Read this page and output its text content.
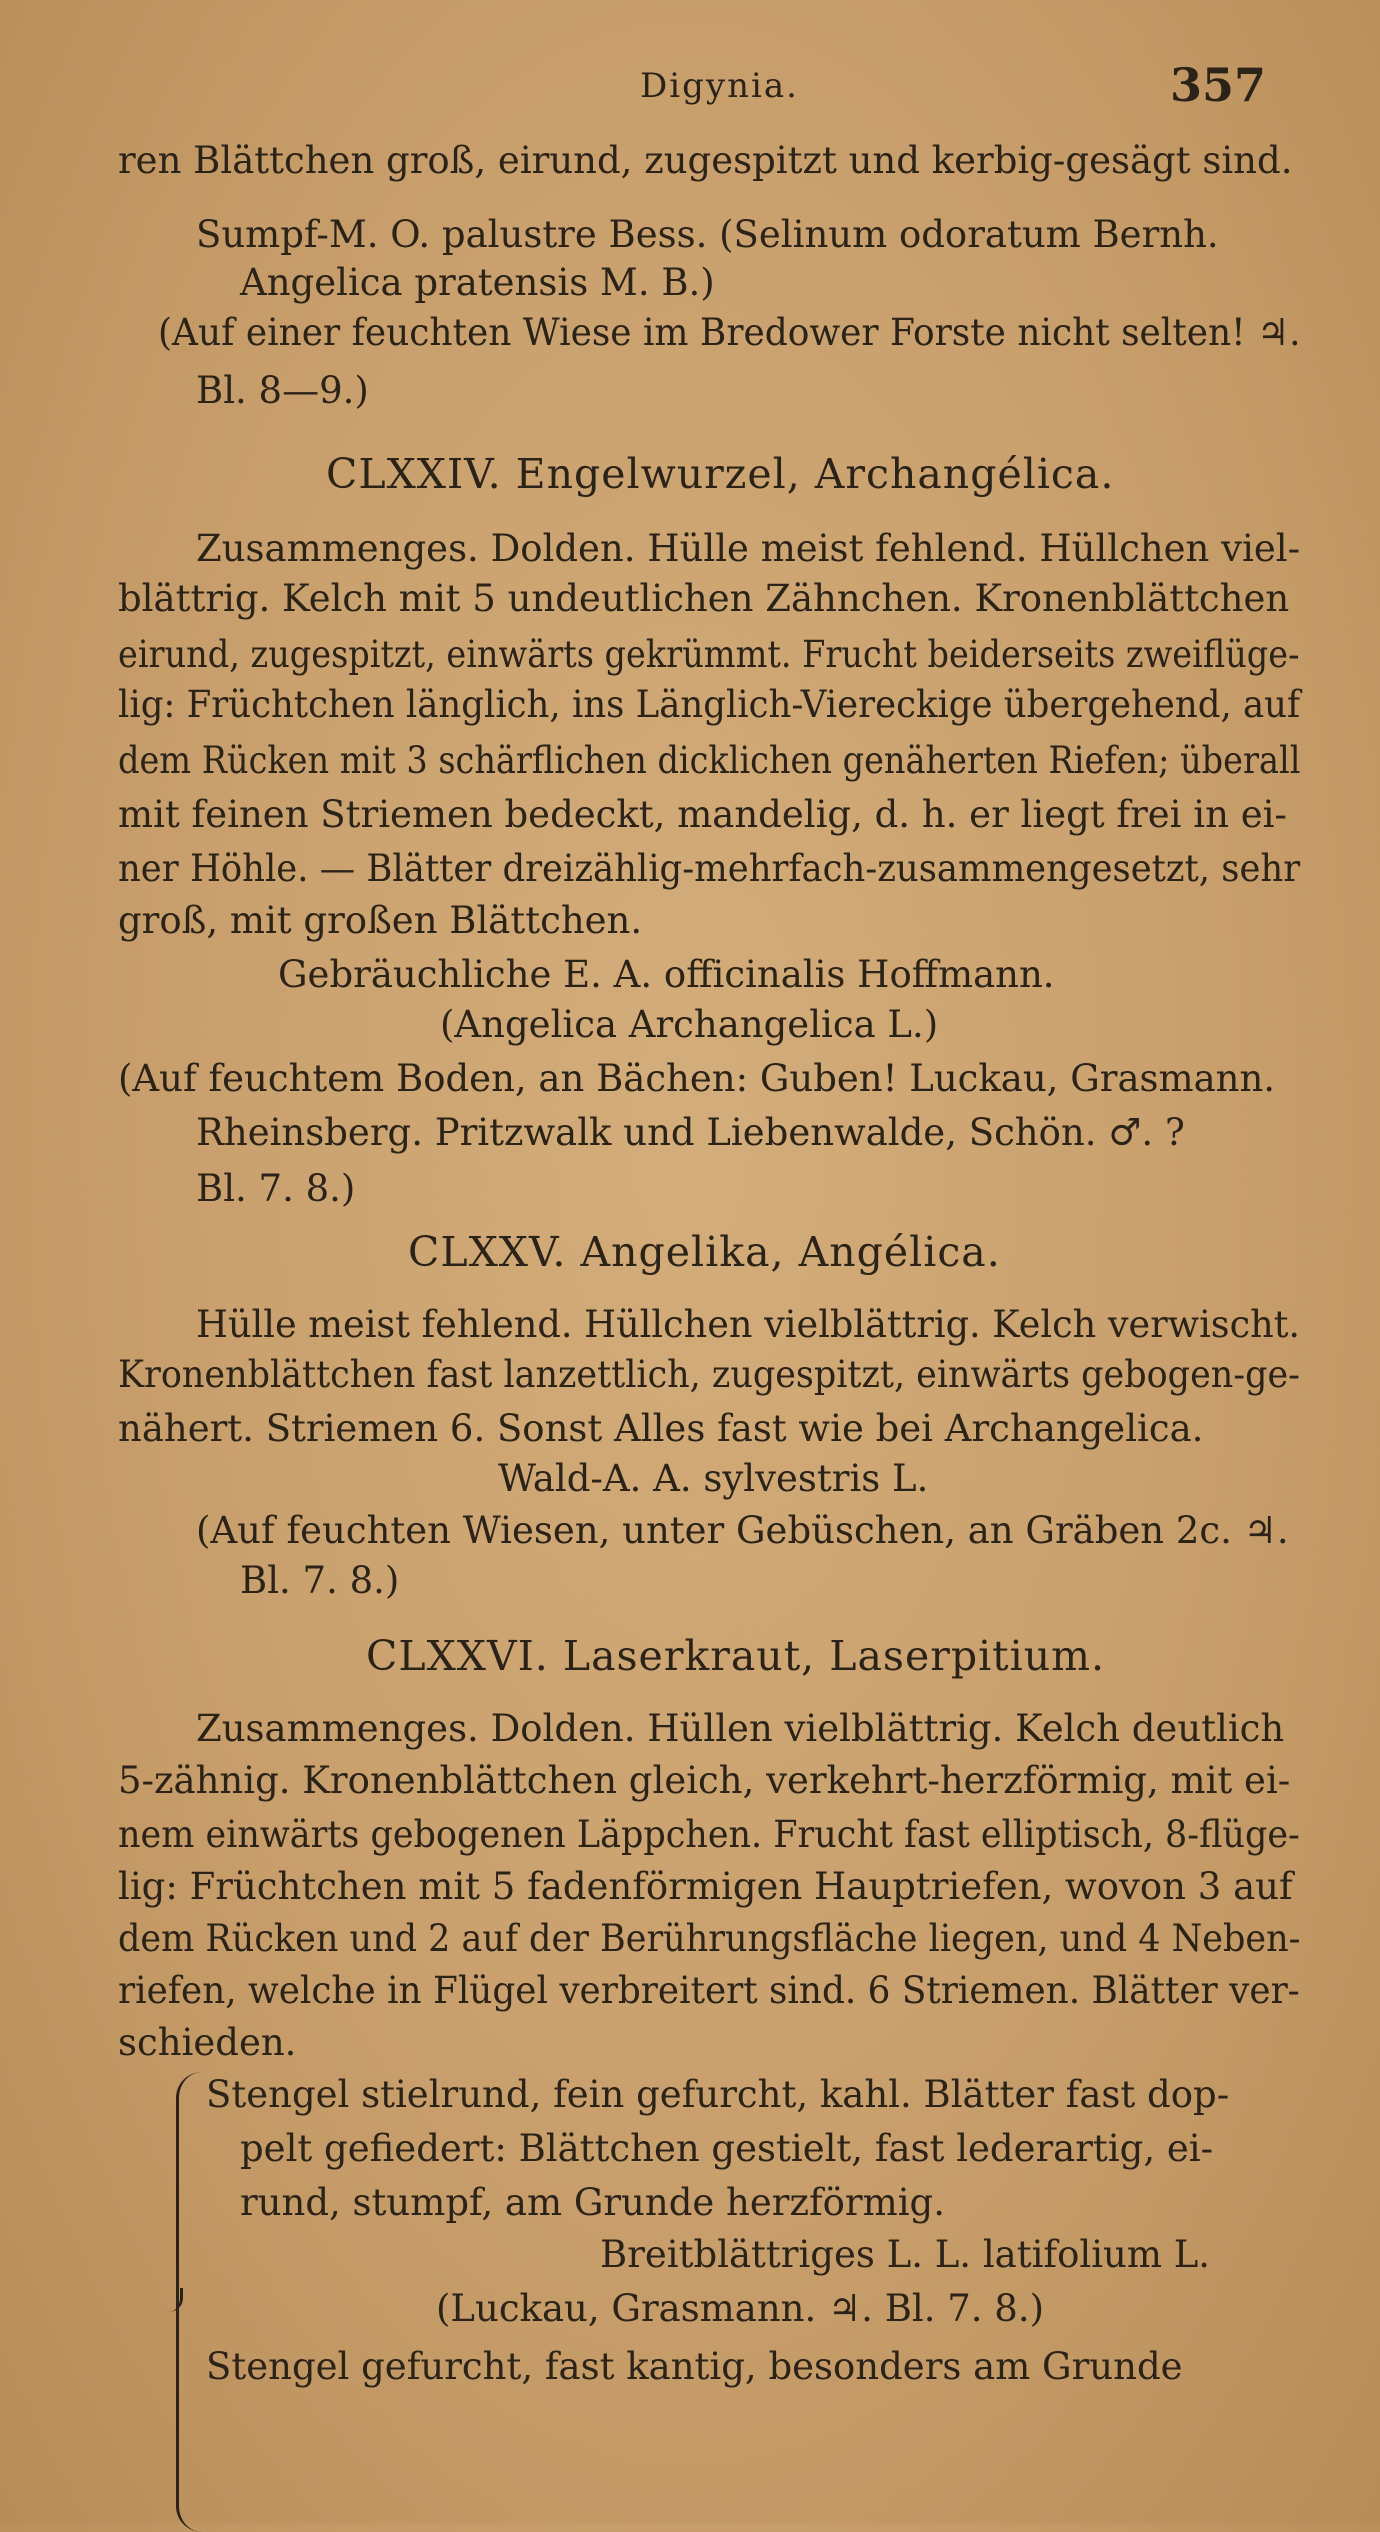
Digynia.	357
ren Blättchen groß, eirund, zugespitzt und kerbig-gesägt sind.
Sumpf-M. O. palustre Bess. (Selinum odoratum Bernh.
Angelica pratensis M. B.)
(Auf einer feuchten Wiese im Bredower Forste nicht selten! ♃.
Bl. 8—9.)
CLXXIV. Engelwurzel, Archangélica.
Zusammenges. Dolden. Hülle meist fehlend. Hüllchen viel-
blättrig. Kelch mit 5 undeutlichen Zähnchen. Kronenblättchen
eirund, zugespitzt, einwärts gekrümmt. Frucht beiderseits zweiflüge-
lig: Früchtchen länglich, ins Länglich-Viereckige übergehend, auf
dem Rücken mit 3 schärflichen dicklichen genäherten Riefen; überall
mit feinen Striemen bedeckt, mandelig, d. h. er liegt frei in ei-
ner Höhle. — Blätter dreizählig-mehrfach-zusammengesetzt, sehr
groß, mit großen Blättchen.
Gebräuchliche E. A. officinalis Hoffmann.
(Angelica Archangelica L.)
(Auf feuchtem Boden, an Bächen: Guben! Luckau, Grasmann.
Rheinsberg. Pritzwalk und Liebenwalde, Schön. ♂. ?
Bl. 7. 8.)
CLXXV. Angelika, Angélica.
Hülle meist fehlend. Hüllchen vielblättrig. Kelch verwischt.
Kronenblättchen fast lanzettlich, zugespitzt, einwärts gebogen-ge-
nähert. Striemen 6. Sonst Alles fast wie bei Archangelica.
Wald-A. A. sylvestris L.
(Auf feuchten Wiesen, unter Gebüschen, an Gräben 2c. ♃.
Bl. 7. 8.)
CLXXVI. Laserkraut, Laserpitium.
Zusammenges. Dolden. Hüllen vielblättrig. Kelch deutlich
5-zähnig. Kronenblättchen gleich, verkehrt-herzförmig, mit ei-
nem einwärts gebogenen Läppchen. Frucht fast elliptisch, 8-flüge-
lig: Früchtchen mit 5 fadenförmigen Hauptriefen, wovon 3 auf
dem Rücken und 2 auf der Berührungsfläche liegen, und 4 Neben-
riefen, welche in Flügel verbreitert sind. 6 Striemen. Blätter ver-
schieden.
Stengel stielrund, fein gefurcht, kahl. Blätter fast dop-
pelt gefiedert: Blättchen gestielt, fast lederartig, ei-
rund, stumpf, am Grunde herzförmig.
Breitblättriges L. L. latifolium L.
(Luckau, Grasmann. ♃. Bl. 7. 8.)
Stengel gefurcht, fast kantig, besonders am Grunde
